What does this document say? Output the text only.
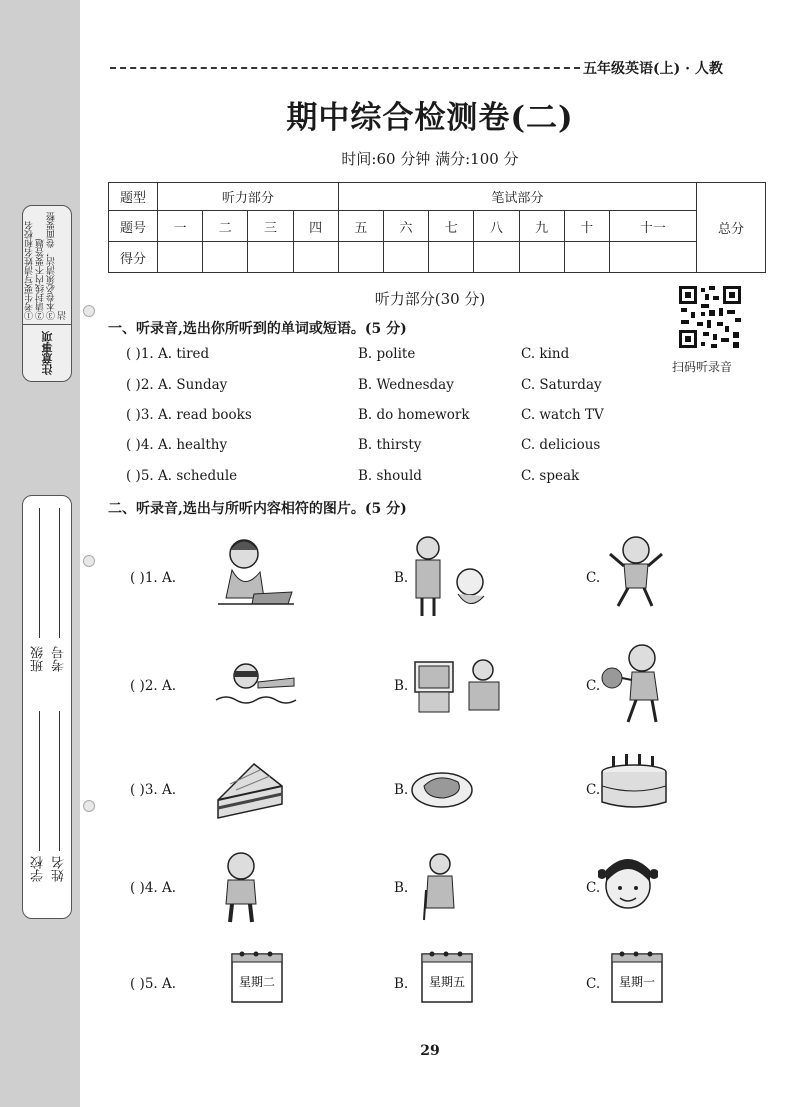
①考生要写清姓名和校名 ②请封线内不要答题 ③本卷必须清洁，卷面要整洁
注意事项
学校
班级
姓名
考号
五年级英语(上) · 人教
期中综合检测卷(二)
时间:60 分钟 满分:100 分
题型	听力部分				笔试部分							总分
题号	一	二	三	四	五	六	七	八	九	十	十一	
得分												
听力部分(30 分)
扫码听录音
一、听录音,选出你所听到的单词或短语。(5 分)
( )1. A. tired	B. polite	C. kind
( )2. A. Sunday	B. Wednesday	C. Saturday
( )3. A. read books	B. do homework	C. watch TV
( )4. A. healthy	B. thirsty	C. delicious
( )5. A. schedule	B. should	C. speak
二、听录音,选出与所听内容相符的图片。(5 分)
( )1. A.	B.	C.
( )2. A.	B.	C.
( )3. A.	B.	C.
( )4. A.	B.	C.
( )5. A.	星期二	B. 星期五	C. 星期一
29
